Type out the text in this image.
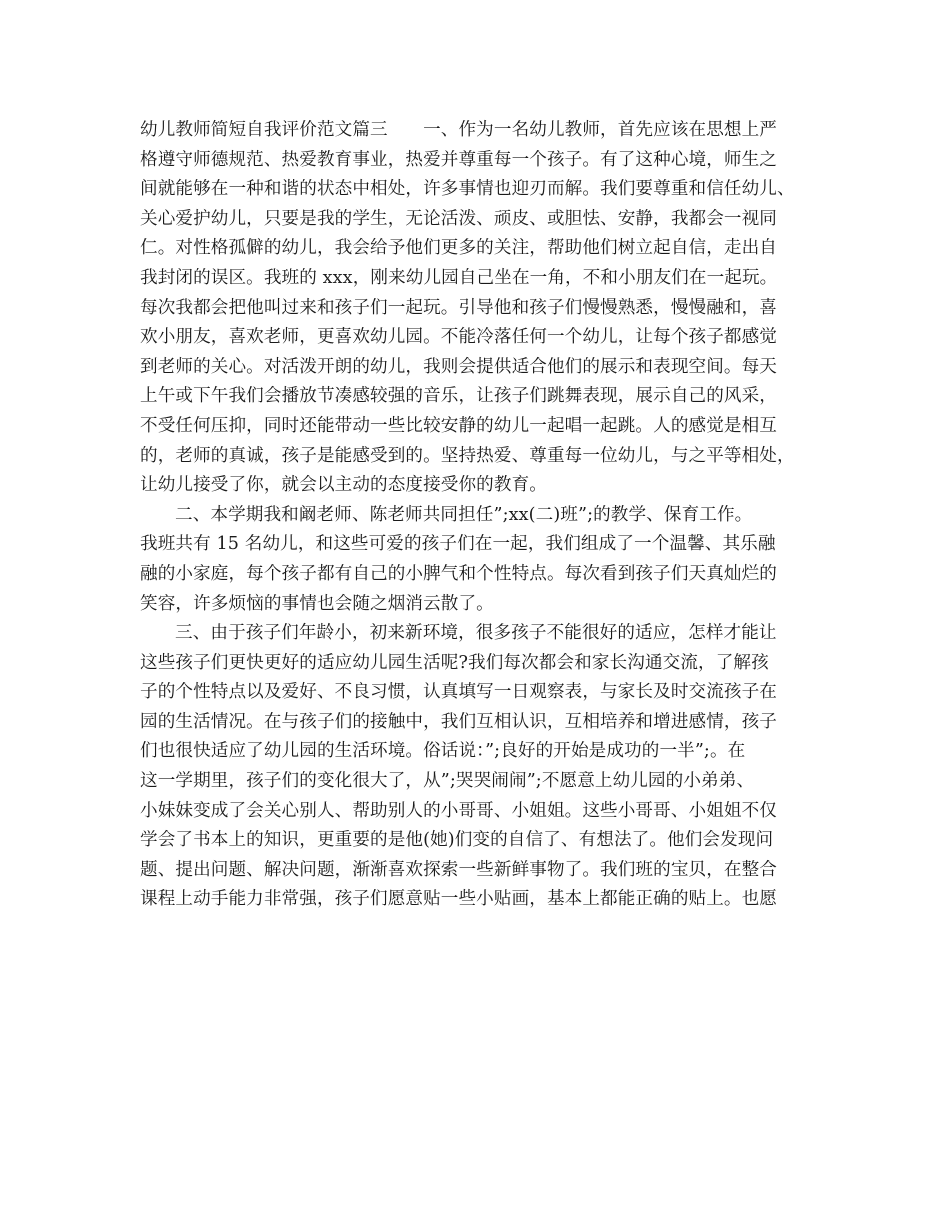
幼儿教师简短自我评价范文篇三　　一、作为一名幼儿教师，首先应该在思想上严
格遵守师德规范、热爱教育事业，热爱并尊重每一个孩子。有了这种心境，师生之
间就能够在一种和谐的状态中相处，许多事情也迎刃而解。我们要尊重和信任幼儿、
关心爱护幼儿，只要是我的学生，无论活泼、顽皮、或胆怯、安静，我都会一视同
仁。对性格孤僻的幼儿，我会给予他们更多的关注，帮助他们树立起自信，走出自
我封闭的误区。我班的 xxx，刚来幼儿园自己坐在一角，不和小朋友们在一起玩。
每次我都会把他叫过来和孩子们一起玩。引导他和孩子们慢慢熟悉，慢慢融和，喜
欢小朋友，喜欢老师，更喜欢幼儿园。不能冷落任何一个幼儿，让每个孩子都感觉
到老师的关心。对活泼开朗的幼儿，我则会提供适合他们的展示和表现空间。每天
上午或下午我们会播放节凑感较强的音乐，让孩子们跳舞表现，展示自己的风采，
不受任何压抑，同时还能带动一些比较安静的幼儿一起唱一起跳。人的感觉是相互
的，老师的真诚，孩子是能感受到的。坚持热爱、尊重每一位幼儿，与之平等相处，
让幼儿接受了你，就会以主动的态度接受你的教育。

二、本学期我和阚老师、陈老师共同担任”;xx(二)班”;的教学、保育工作。
我班共有 15 名幼儿，和这些可爱的孩子们在一起，我们组成了一个温馨、其乐融
融的小家庭，每个孩子都有自己的小脾气和个性特点。每次看到孩子们天真灿烂的
笑容，许多烦恼的事情也会随之烟消云散了。

三、由于孩子们年龄小，初来新环境，很多孩子不能很好的适应，怎样才能让
这些孩子们更快更好的适应幼儿园生活呢?我们每次都会和家长沟通交流，了解孩
子的个性特点以及爱好、不良习惯，认真填写一日观察表，与家长及时交流孩子在
园的生活情况。在与孩子们的接触中，我们互相认识，互相培养和增进感情，孩子
们也很快适应了幼儿园的生活环境。俗话说：”;良好的开始是成功的一半”;。在
这一学期里，孩子们的变化很大了，从”;哭哭闹闹”;不愿意上幼儿园的小弟弟、
小妹妹变成了会关心别人、帮助别人的小哥哥、小姐姐。这些小哥哥、小姐姐不仅
学会了书本上的知识，更重要的是他(她)们变的自信了、有想法了。他们会发现问
题、提出问题、解决问题，渐渐喜欢探索一些新鲜事物了。我们班的宝贝，在整合
课程上动手能力非常强，孩子们愿意贴一些小贴画，基本上都能正确的贴上。也愿
